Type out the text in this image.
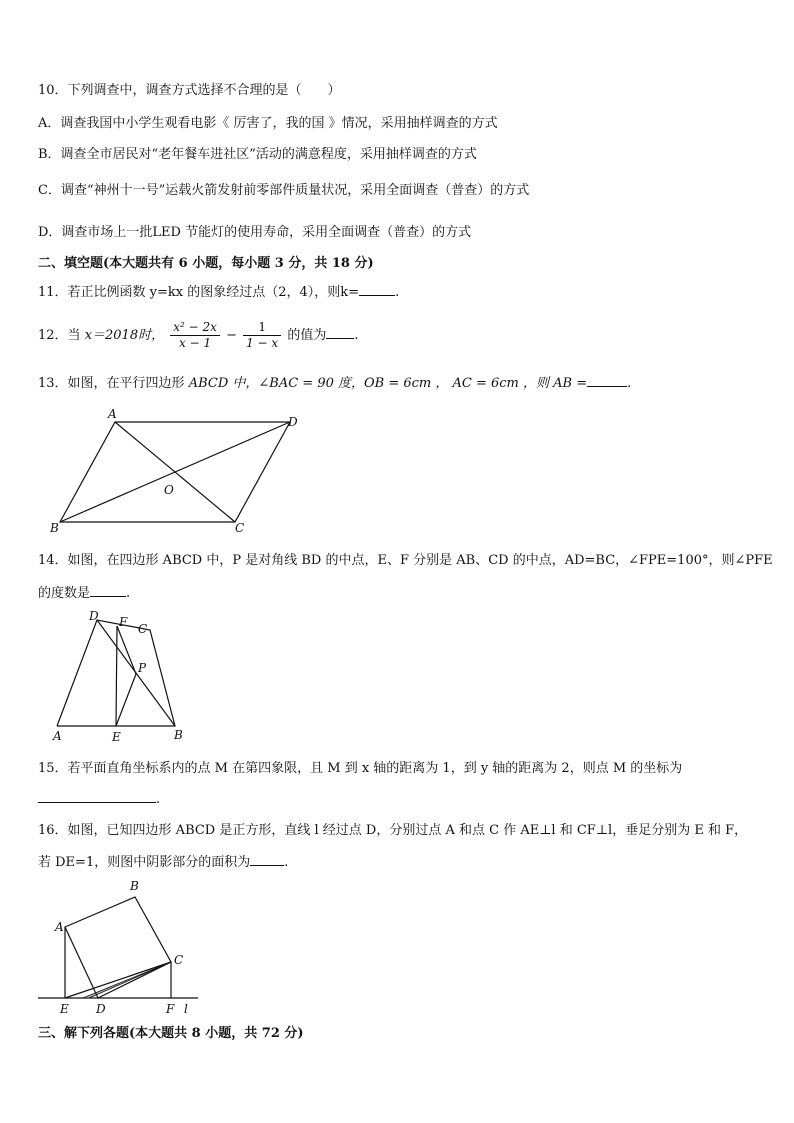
10．下列调查中，调查方式选择不合理的是（　　）
A．调查我国中小学生观看电影《 厉害了，我的国 》情况，采用抽样调查的方式
B．调查全市居民对“老年餐车进社区”活动的满意程度，采用抽样调查的方式
C．调查“神州十一号”运载火箭发射前零部件质量状况，采用全面调查（普查）的方式
D．调查市场上一批LED 节能灯的使用寿命，采用全面调查（普查）的方式
二、填空题(本大题共有 6 小题，每小题 3 分，共 18 分)
11．若正比例函数 y=kx 的图象经过点（2，4），则k=	.
12．当 x＝2018时， $\frac{\text{x² − 2x}}{x - 1} - \frac{1}{1 - x}$ 的值为 .
13．如图，在平行四边形 ABCD 中，∠BAC = 90 度，OB = 6cm ， AC = 6cm ，则 AB =	.
A
D
B	C
O
14．如图，在四边形 ABCD 中，P 是对角线 BD 的中点，E、F 分别是 AB、CD 的中点，AD=BC，∠FPE=100°，则∠PFE
的度数是	.
D F C
P
A	E	B
15．若平面直角坐标系内的点 M 在第四象限，且 M 到 x 轴的距离为 1，到 y 轴的距离为 2，则点 M 的坐标为
.
16．如图，已知四边形 ABCD 是正方形，直线 l 经过点 D，分别过点 A 和点 C 作 AE⊥l 和 CF⊥l，垂足分别为 E 和 F，
若 DE=1，则图中阴影部分的面积为	.
B
A
C
E D	F l
三、解下列各题(本大题共 8 小题，共 72 分)
